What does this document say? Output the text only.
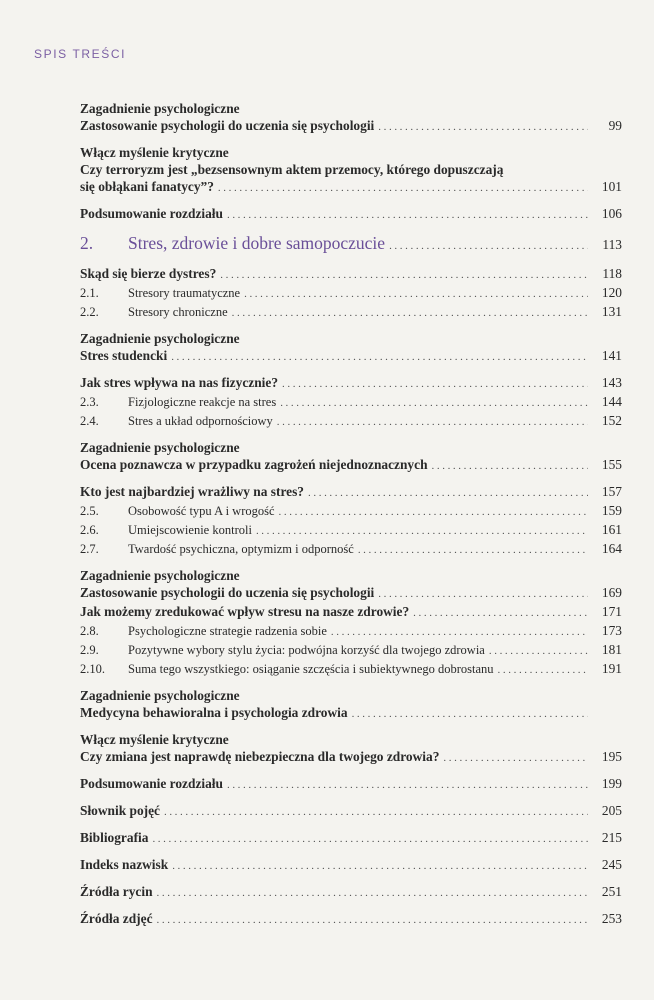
SPIS TREŚCI
Zagadnienie psychologiczne
Zastosowanie psychologii do uczenia się psychologii .....	99
Włącz myślenie krytyczne
Czy terroryzm jest „bezsensownym aktem przemocy, którego dopuszczają
się obłąkani fanatycy”? .....	101
Podsumowanie rozdziału .....	106
2.	Stres, zdrowie i dobre samopoczucie .....	113
Skąd się bierze dystres? .....	118
2.1.	Stresory traumatyczne .....	120
2.2.	Stresory chroniczne .....	131
Zagadnienie psychologiczne
Stres studencki .....	141
Jak stres wpływa na nas fizycznie? .....	143
2.3.	Fizjologiczne reakcje na stres .....	144
2.4.	Stres a układ odpornościowy .....	152
Zagadnienie psychologiczne
Ocena poznawcza w przypadku zagrożeń niejednoznacznych .....	155
Kto jest najbardziej wrażliwy na stres? .....	157
2.5.	Osobowość typu A i wrogość .....	159
2.6.	Umiejscowienie kontroli .....	161
2.7.	Twardość psychiczna, optymizm i odporność .....	164
Zagadnienie psychologiczne
Zastosowanie psychologii do uczenia się psychologii .....	169
Jak możemy zredukować wpływ stresu na nasze zdrowie? .....	171
2.8.	Psychologiczne strategie radzenia sobie .....	173
2.9.	Pozytywne wybory stylu życia: podwójna korzyść dla twojego zdrowia .....	181
2.10.	Suma tego wszystkiego: osiąganie szczęścia i subiektywnego dobrostanu .....	191
Zagadnienie psychologiczne
Medycyna behawioralna i psychologia zdrowia
.....
Włącz myślenie krytyczne
Czy zmiana jest naprawdę niebezpieczna dla twojego zdrowia? .....	195
Podsumowanie rozdziału .....	199
Słownik pojęć .....	205
Bibliografia .....	215
Indeks nazwisk .....	245
Źródła rycin .....	251
Źródła zdjęć .....	253
